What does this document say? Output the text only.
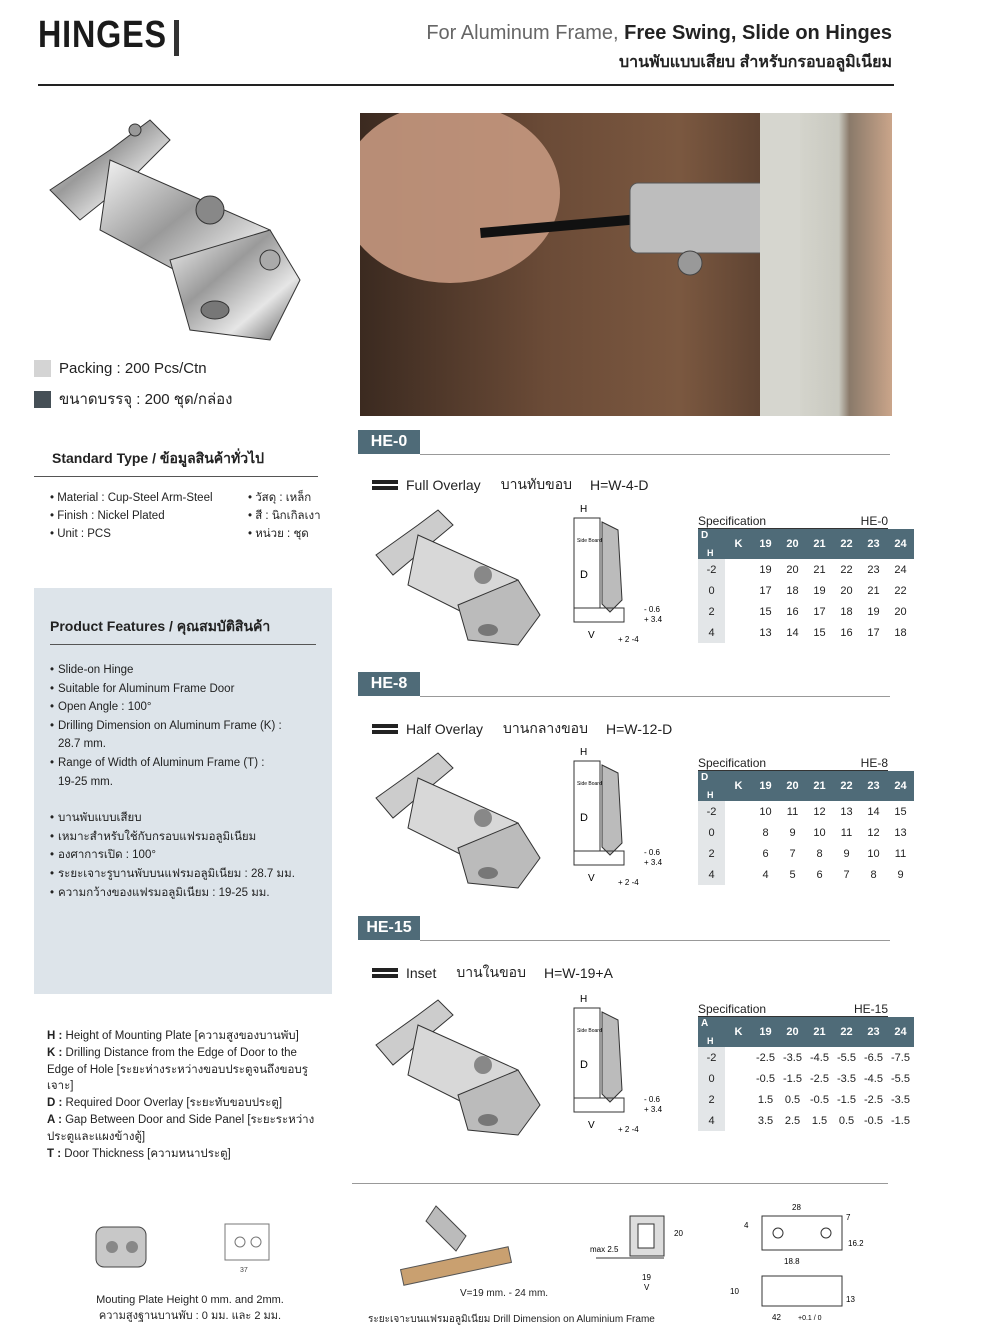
HINGES	For Aluminum Frame, Free Swing, Slide on Hinges
บานพับแบบเสียบ สำหรับกรอบอลูมิเนียม
Packing : 200 Pcs/Ctn
ขนาดบรรจุ : 200 ชุด/กล่อง
Standard Type / ข้อมูลสินค้าทั่วไป
• Material : Cup-Steel Arm-Steel	• วัสดุ : เหล็ก
• Finish : Nickel Plated	• สี : นิกเกิลเงา
• Unit : PCS	• หน่วย : ชุด
Product Features / คุณสมบัติสินค้า
• Slide-on Hinge
• Suitable for Aluminum Frame Door
• Open Angle : 100°
• Drilling Dimension on Aluminum Frame (K) :
28.7 mm.
• Range of Width of Aluminum Frame (T) :
19-25 mm.
• บานพับแบบเสียบ
• เหมาะสำหรับใช้กับกรอบแฟรมอลูมิเนียม
• องศาการเปิด : 100°
• ระยะเจาะรูบานพับบนแฟรมอลูมิเนียม : 28.7 มม.
• ความกว้างของแฟรมอลูมิเนียม : 19-25 มม.
H : Height of Mounting Plate [ความสูงของบานพับ]
K : Drilling Distance from the Edge of Door to the Edge of Hole [ระยะห่างระหว่างขอบประตูจนถึงขอบรูเจาะ]
D : Required Door Overlay [ระยะทับขอบประตู]
A : Gap Between Door and Side Panel [ระยะระหว่างประตูและแผงข้างตู้]
T : Door Thickness [ความหนาประตู]
HE-0
Full Overlay บานทับขอบ H=W-4-D
H
Side Board
D
V
- 0.6
+ 3.4
+ 2 -4
Specification	HE-0
D
H	K	19	20	21	22	23	24
-2		19	20	21	22	23	24
0		17	18	19	20	21	22
2		15	16	17	18	19	20
4		13	14	15	16	17	18
HE-8
Half Overlay บานกลางขอบ H=W-12-D
H
Side Board
D
V
- 0.6
+ 3.4
+ 2 -4
Specification	HE-8
D
H	K	19	20	21	22	23	24
-2		10	11	12	13	14	15
0		8	9	10	11	12	13
2		6	7	8	9	10	11
4		4	5	6	7	8	9
HE-15
Inset บานในขอบ H=W-19+A
H
Side Board
D
V
- 0.6
+ 3.4
+ 2 -4
Specification	HE-15
A
H	K	19	20	21	22	23	24
-2		-2.5	-3.5	-4.5	-5.5	-6.5	-7.5
0		-0.5	-1.5	-2.5	-3.5	-4.5	-5.5
2		1.5	0.5	-0.5	-1.5	-2.5	-3.5
4		3.5	2.5	1.5	0.5	-0.5	-1.5
37
Mouting Plate Height 0 mm. and 2mm.
ความสูงฐานบานพับ : 0 มม. และ 2 มม.
V=19 mm. - 24 mm.
ระยะเจาะบนแฟรมอลูมิเนียม Drill Dimension on Aluminium Frame
max 2.5
20
19
V
28
4
7
16.2
18.8
42 +0.1 / 0
13
10
